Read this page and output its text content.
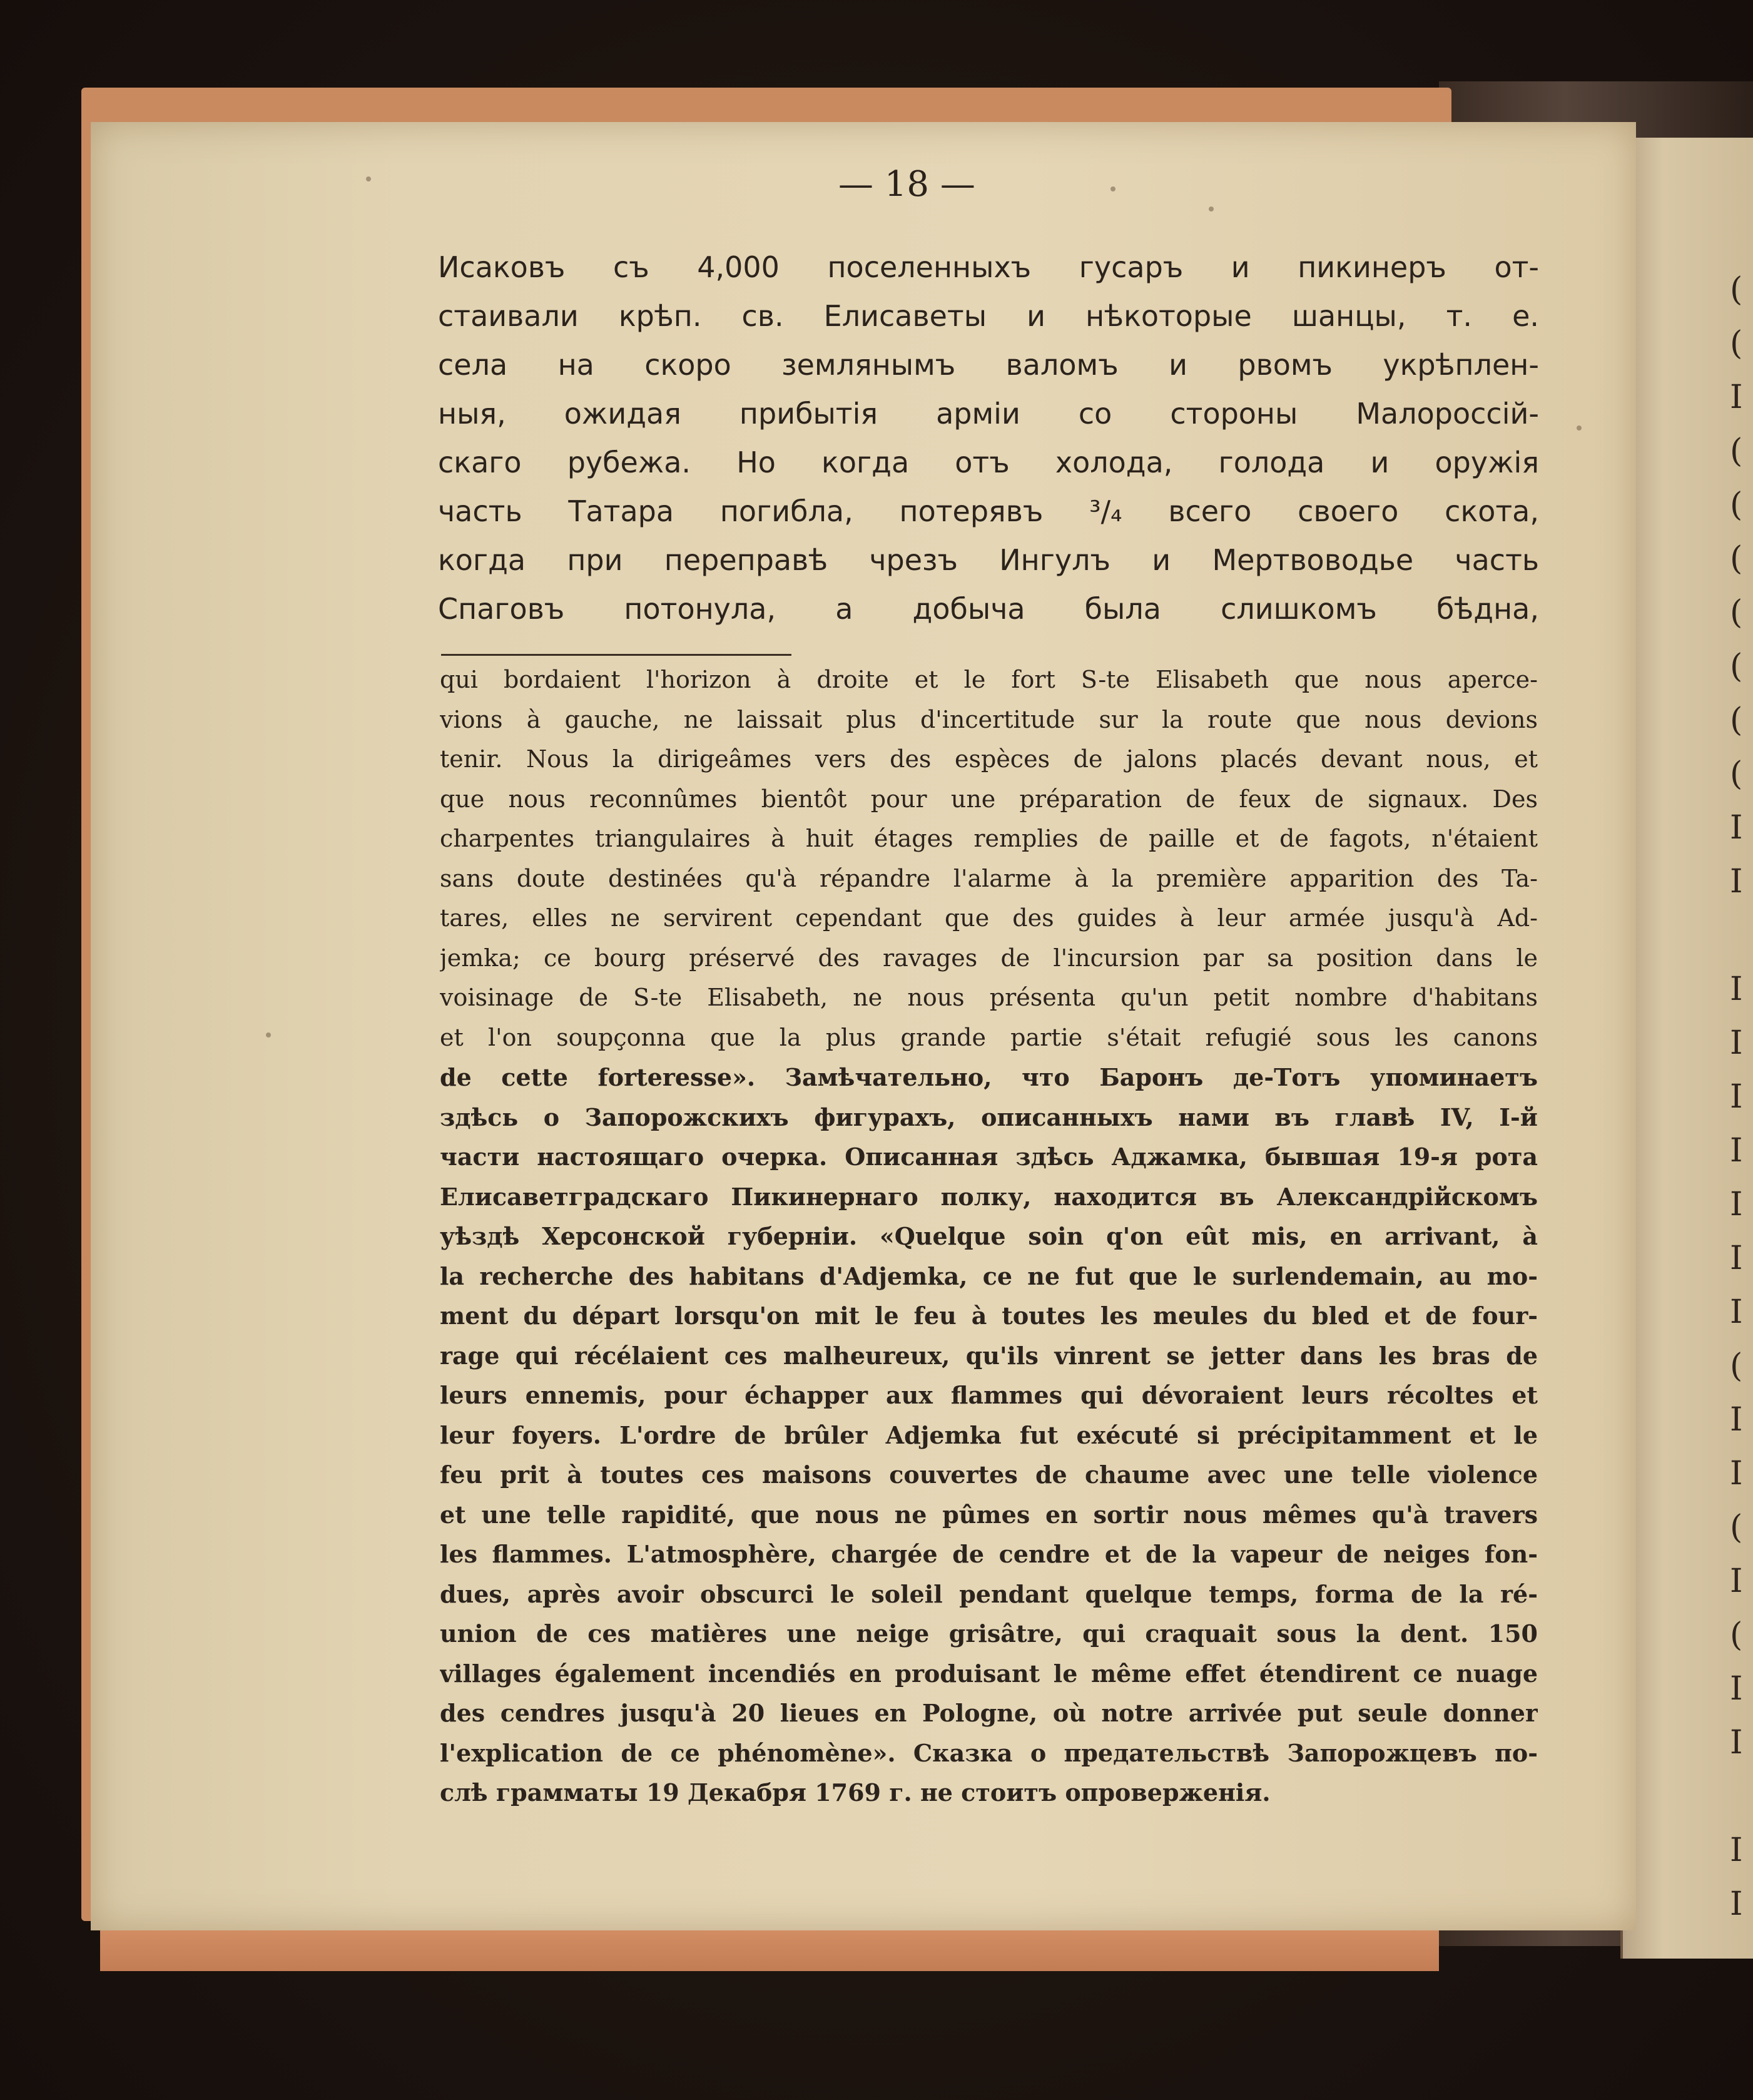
(
(
I
(
(
(
(
(
(
(
I
I

I
I
I
I
I
I
I
(
I
I
(
I
(
I
I

I
I
— 18 —
Исаковъ съ 4,000 поселенныхъ гусаръ и пикинеръ от-
стаивали крѣп. св. Елисаветы и нѣкоторые шанцы, т. е.
села на скоро землянымъ валомъ и рвомъ укрѣплен-
ныя, ожидая прибытія арміи со стороны Малороссій-
скаго рубежа. Но когда отъ холода, голода и оружія
часть Татара погибла, потерявъ ³/₄ всего своего скота,
когда при переправѣ чрезъ Ингулъ и Мертвоводье часть
Спаговъ потонула, а добыча была слишкомъ бѣдна,
qui bordaient l'horizon à droite et le fort S-te Elisabeth que nous aperce-
vions à gauche, ne laissait plus d'incertitude sur la route que nous devions
tenir. Nous la dirigeâmes vers des espèces de jalons placés devant nous, et
que nous reconnûmes bientôt pour une préparation de feux de signaux. Des
charpentes triangulaires à huit étages remplies de paille et de fagots, n'étaient
sans doute destinées qu'à répandre l'alarme à la première apparition des Ta-
tares, elles ne servirent cependant que des guides à leur armée jusqu'à Ad-
jemka; ce bourg préservé des ravages de l'incursion par sa position dans le
voisinage de S-te Elisabeth, ne nous présenta qu'un petit nombre d'habitans
et l'on soupçonna que la plus grande partie s'était refugié sous les canons
de cette forteresse». Замѣчательно, что Баронъ де-Тотъ упоминаетъ
здѣсь о Запорожскихъ фигурахъ, описанныхъ нами въ главѣ IV, I-й
части настоящаго очерка. Описанная здѣсь Аджамка, бывшая 19-я рота
Елисаветградскаго Пикинернаго полку, находится въ Александрійскомъ
уѣздѣ Херсонской губерніи. «Quelque soin q'on eût mis, en arrivant, à
la recherche des habitans d'Adjemka, ce ne fut que le surlendemain, au mo-
ment du départ lorsqu'on mit le feu à toutes les meules du bled et de four-
rage qui récélaient ces malheureux, qu'ils vinrent se jetter dans les bras de
leurs ennemis, pour échapper aux flammes qui dévoraient leurs récoltes et
leur foyers. L'ordre de brûler Adjemka fut exécuté si précipitamment et le
feu prit à toutes ces maisons couvertes de chaume avec une telle violence
et une telle rapidité, que nous ne pûmes en sortir nous mêmes qu'à travers
les flammes. L'atmosphère, chargée de cendre et de la vapeur de neiges fon-
dues, après avoir obscurci le soleil pendant quelque temps, forma de la ré-
union de ces matières une neige grisâtre, qui craquait sous la dent. 150
villages également incendiés en produisant le même effet étendirent ce nuage
des cendres jusqu'à 20 lieues en Pologne, où notre arrivée put seule donner
l'explication de ce phénomène». Сказка о предательствѣ Запорожцевъ по-
слѣ грамматы 19 Декабря 1769 г. не стоитъ опроверженія.
